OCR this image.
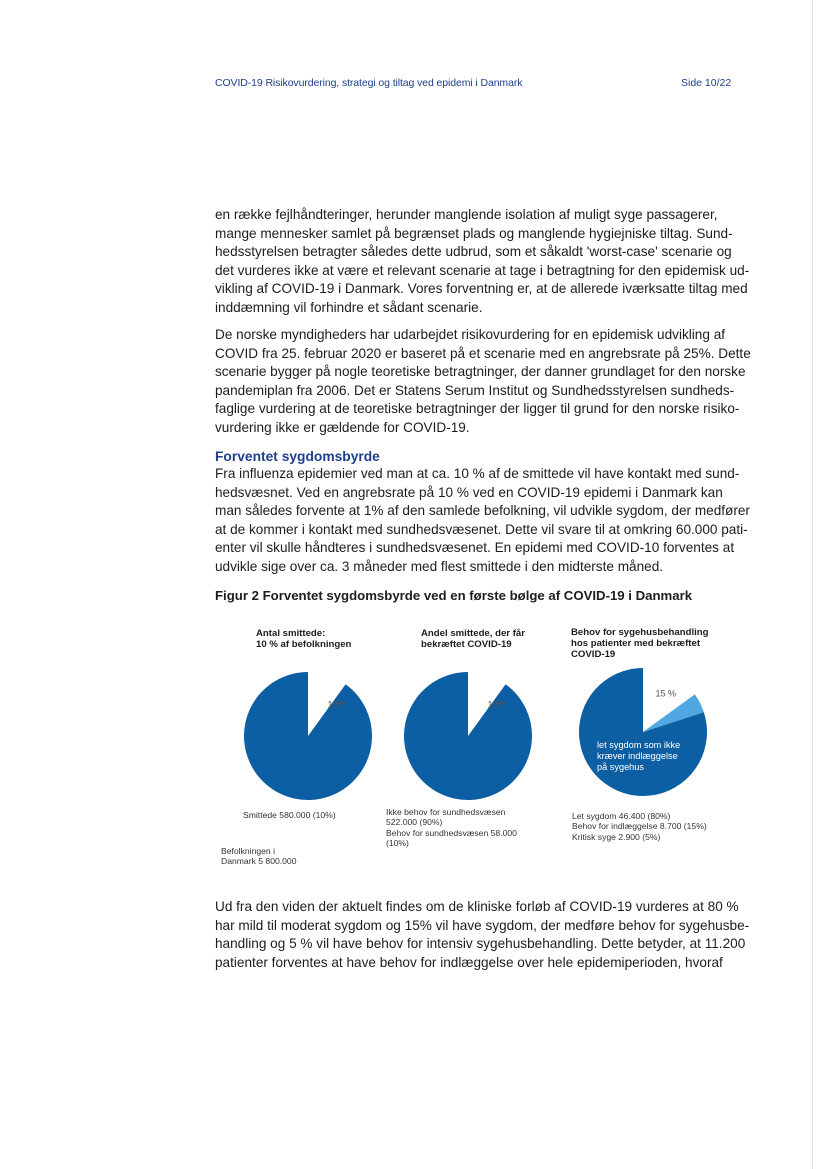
COVID-19 Risikovurdering, strategi og tiltag ved epidemi i Danmark	Side 10/22
en række fejlhåndteringer, herunder manglende isolation af muligt syge passagerer,
mange mennesker samlet på begrænset plads og manglende hygiejniske tiltag. Sund-
hedsstyrelsen betragter således dette udbrud, som et såkaldt 'worst-case' scenarie og
det vurderes ikke at være et relevant scenarie at tage i betragtning for den epidemisk ud-
vikling af COVID-19 i Danmark. Vores forventning er, at de allerede iværksatte tiltag med
inddæmning vil forhindre et sådant scenarie.
De norske myndigheders har udarbejdet risikovurdering for en epidemisk udvikling af
COVID fra 25. februar 2020 er baseret på et scenarie med en angrebsrate på 25%. Dette
scenarie bygger på nogle teoretiske betragtninger, der danner grundlaget for den norske
pandemiplan fra 2006. Det er Statens Serum Institut og Sundhedsstyrelsen sundheds-
faglige vurdering at de teoretiske betragtninger der ligger til grund for den norske risiko-
vurdering ikke er gældende for COVID-19.
Forventet sygdomsbyrde
Fra influenza epidemier ved man at ca. 10 % af de smittede vil have kontakt med sund-
hedsvæsnet. Ved en angrebsrate på 10 % ved en COVID-19 epidemi i Danmark kan
man således forvente at 1% af den samlede befolkning, vil udvikle sygdom, der medfører
at de kommer i kontakt med sundhedsvæsenet. Dette vil svare til at omkring 60.000 pati-
enter vil skulle håndteres i sundhedsvæsenet. En epidemi med COVID-10 forventes at
udvikle sige over ca. 3 måneder med flest smittede i den midterste måned.
Figur 2 Forventet sygdomsbyrde ved en første bølge af COVID-19 i Danmark
Antal smittede:
10 % af befolkningen
10 %
Smittede 580.000 (10%)
Befolkningen i
Danmark 5 800.000
Andel smittede, der får
bekræftet COVID-19
10 %
Ikke behov for sundhedsvæsen
522.000 (90%)
Behov for sundhedsvæsen 58.000
(10%)
Behov for sygehusbehandling
hos patienter med bekræftet
COVID-19
15 %
5 %
let sygdom som ikke
kræver indlæggelse
på sygehus
Let sygdom 46.400 (80%)
Behov for indlæggelse 8.700 (15%)
Kritisk syge 2.900 (5%)
Ud fra den viden der aktuelt findes om de kliniske forløb af COVID-19 vurderes at 80 %
har mild til moderat sygdom og 15% vil have sygdom, der medføre behov for sygehusbe-
handling og 5 % vil have behov for intensiv sygehusbehandling. Dette betyder, at 11.200
patienter forventes at have behov for indlæggelse over hele epidemiperioden, hvoraf
